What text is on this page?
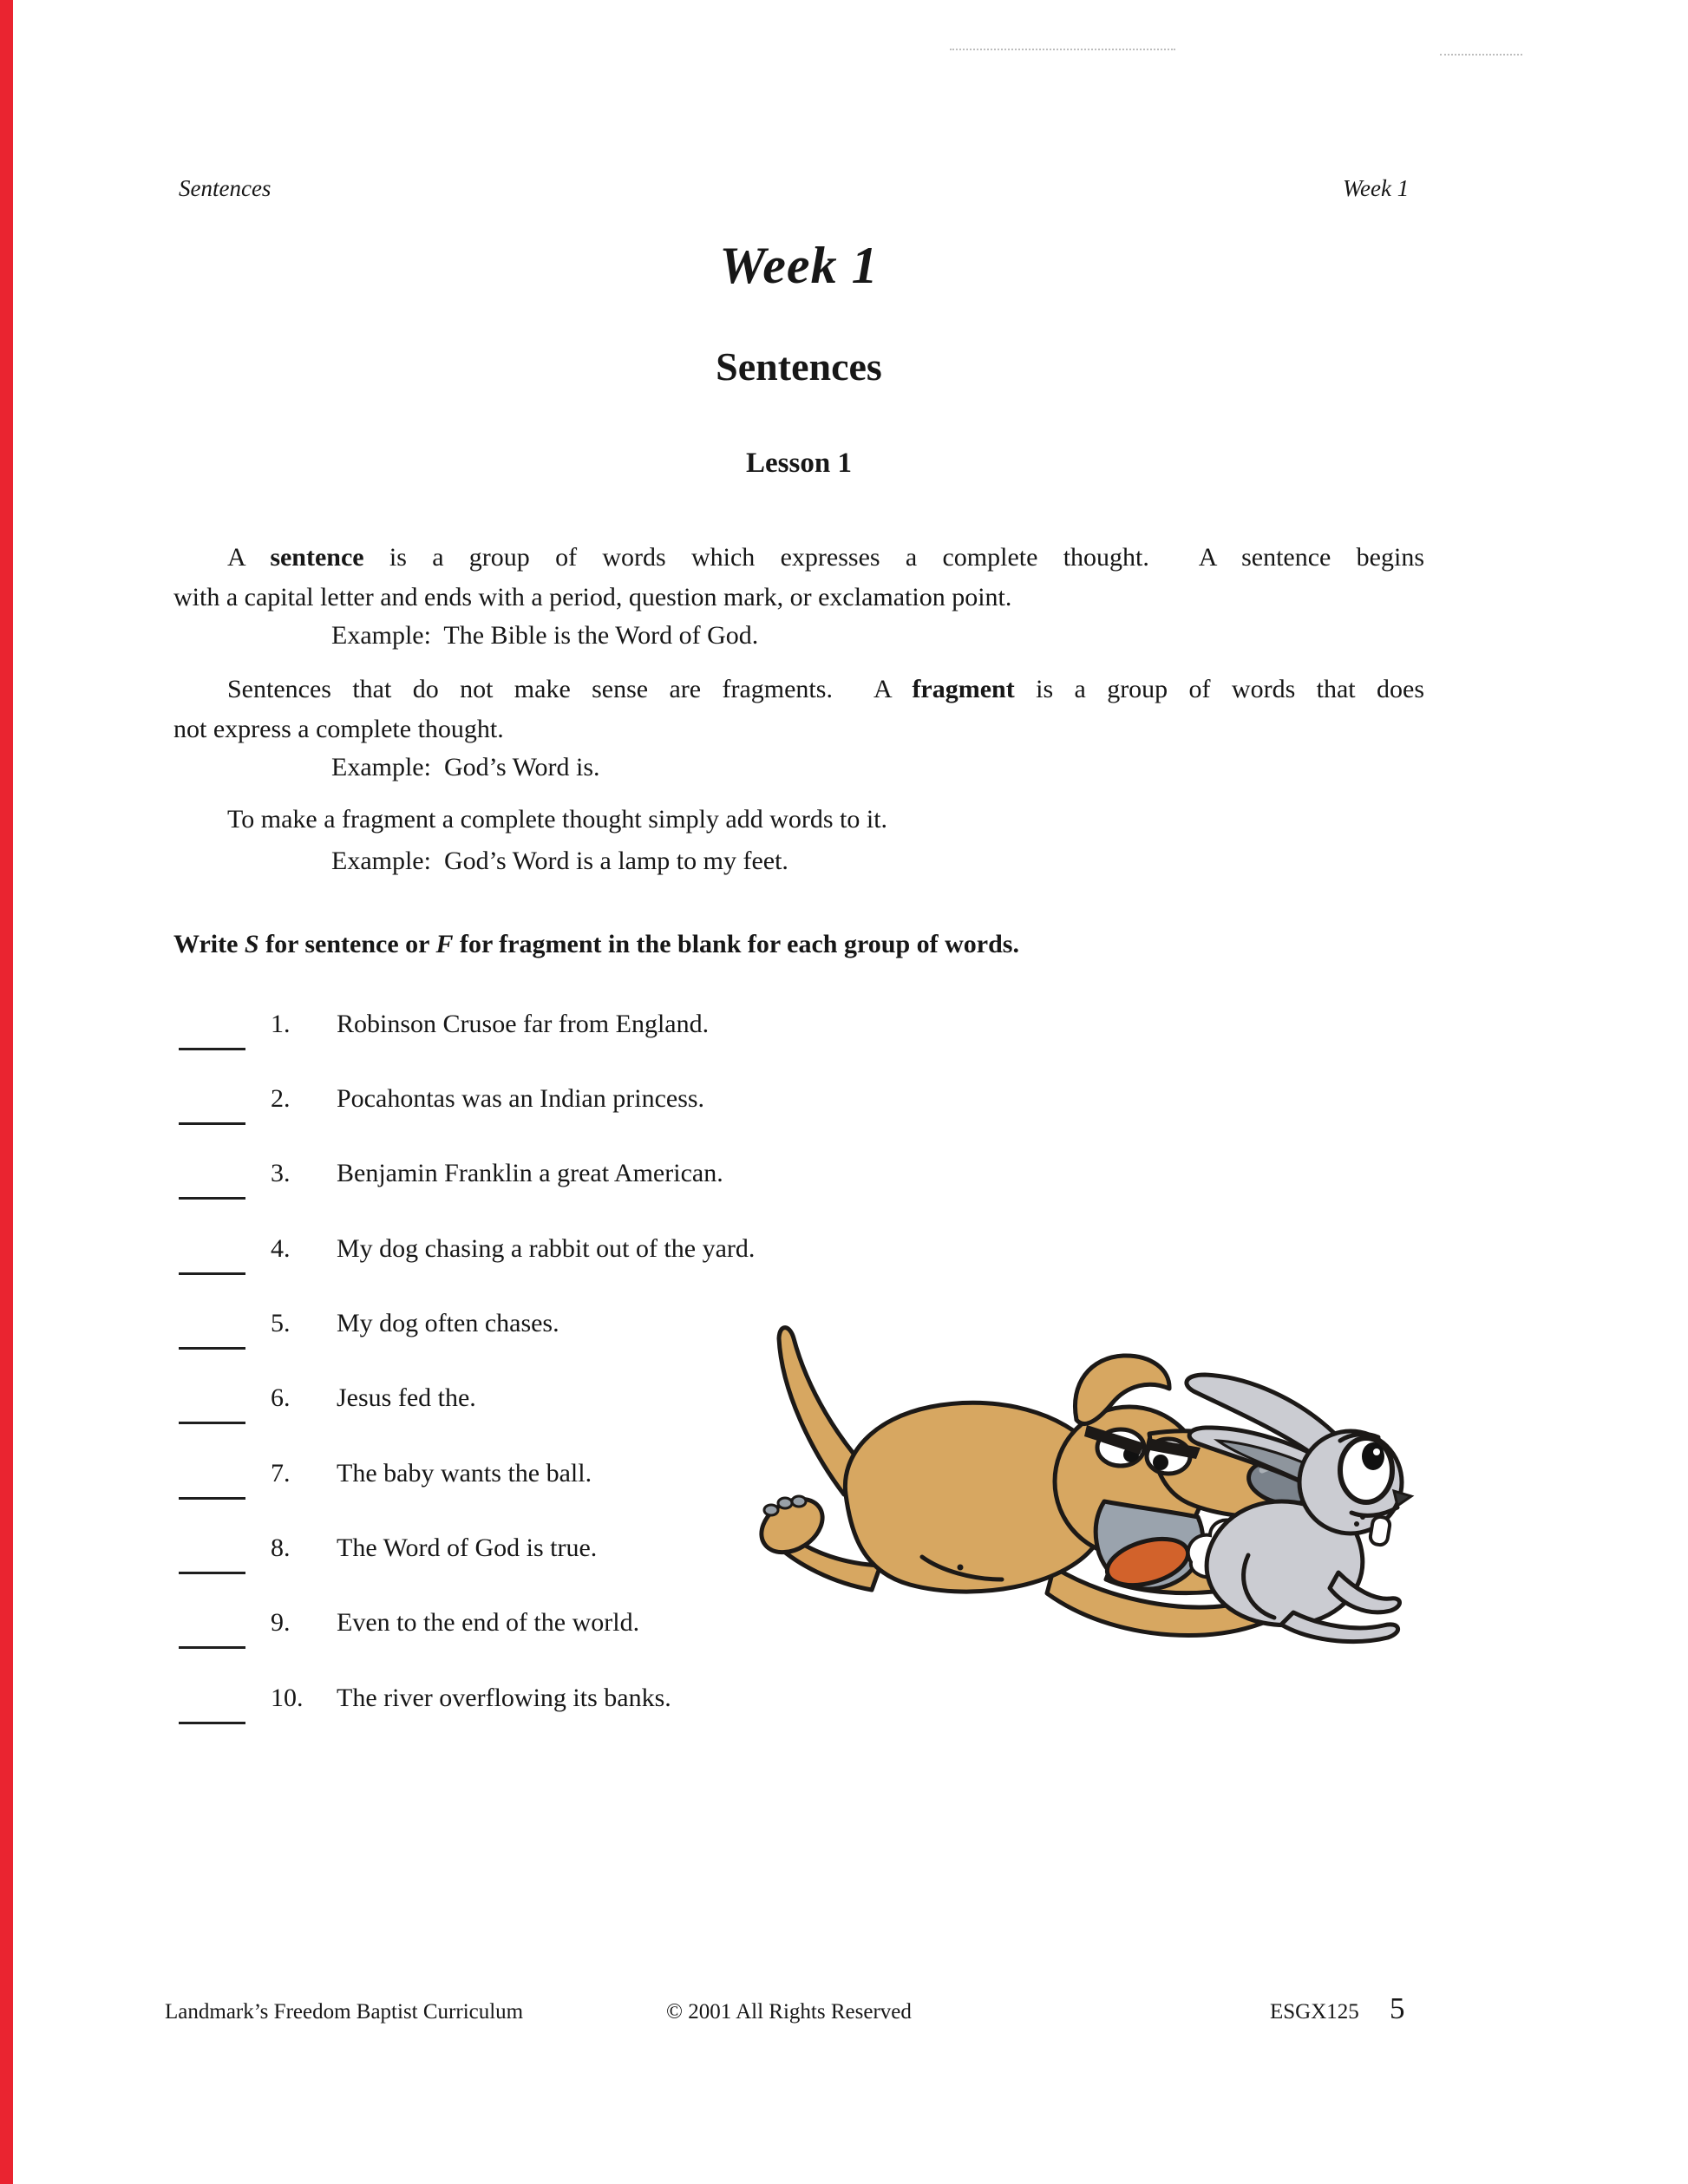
Sentences	Week 1
Week 1
Sentences
Lesson 1
A sentence is a group of words which expresses a complete thought.  A sentence begins
with a capital letter and ends with a period, question mark, or exclamation point.
Example:  The Bible is the Word of God.
Sentences that do not make sense are fragments.  A fragment is a group of words that does
not express a complete thought.
Example:  God’s Word is.
To make a fragment a complete thought simply add words to it.
Example:  God’s Word is a lamp to my feet.
Write S for sentence or F for fragment in the blank for each group of words.
1. Robinson Crusoe far from England.
2. Pocahontas was an Indian princess.
3. Benjamin Franklin a great American.
4. My dog chasing a rabbit out of the yard.
5. My dog often chases.
6. Jesus fed the.
7. The baby wants the ball.
8. The Word of God is true.
9. Even to the end of the world.
10. The river overflowing its banks.
Landmark’s Freedom Baptist Curriculum	© 2001 All Rights Reserved	ESGX125 5
